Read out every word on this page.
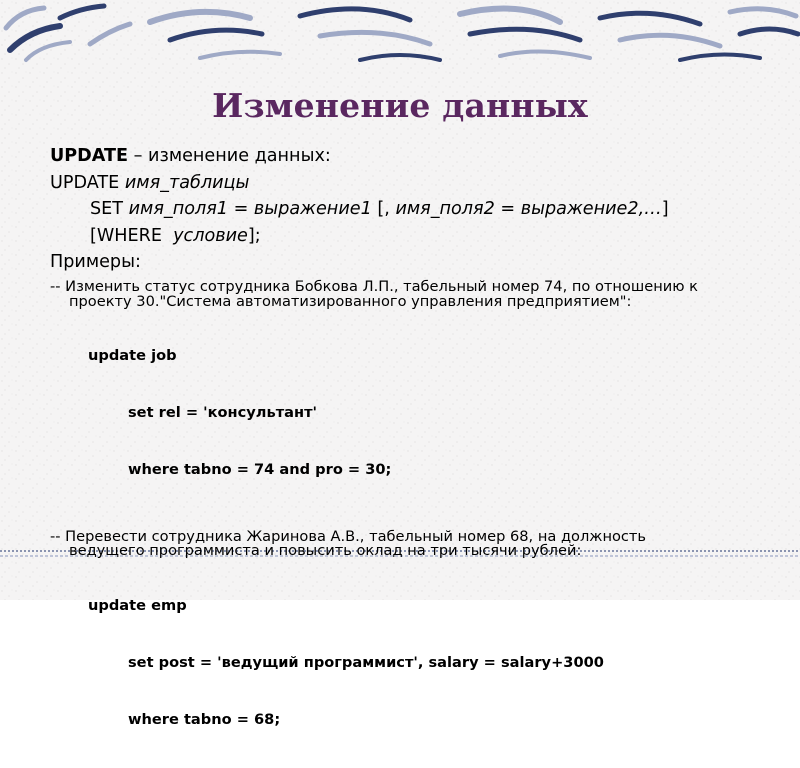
Изменение данных
UPDATE – изменение данных:
UPDATE имя_таблицы
SET имя_поля1 = выражение1 [, имя_поля2 = выражение2,…]
[WHERE  условие];
Примеры:
-- Изменить статус сотрудника Бобкова Л.П., табельный номер 74, по отношению к
проекту 30."Система автоматизированного управления предприятием":

update job

set rel = 'консультант'

where tabno = 74 and pro = 30;

-- Перевести сотрудника Жаринова А.В., табельный номер 68, на должность
ведущего программиста и повысить оклад на три тысячи рублей:

update emp

set post = 'ведущий программист', salary = salary+3000

where tabno = 68;
